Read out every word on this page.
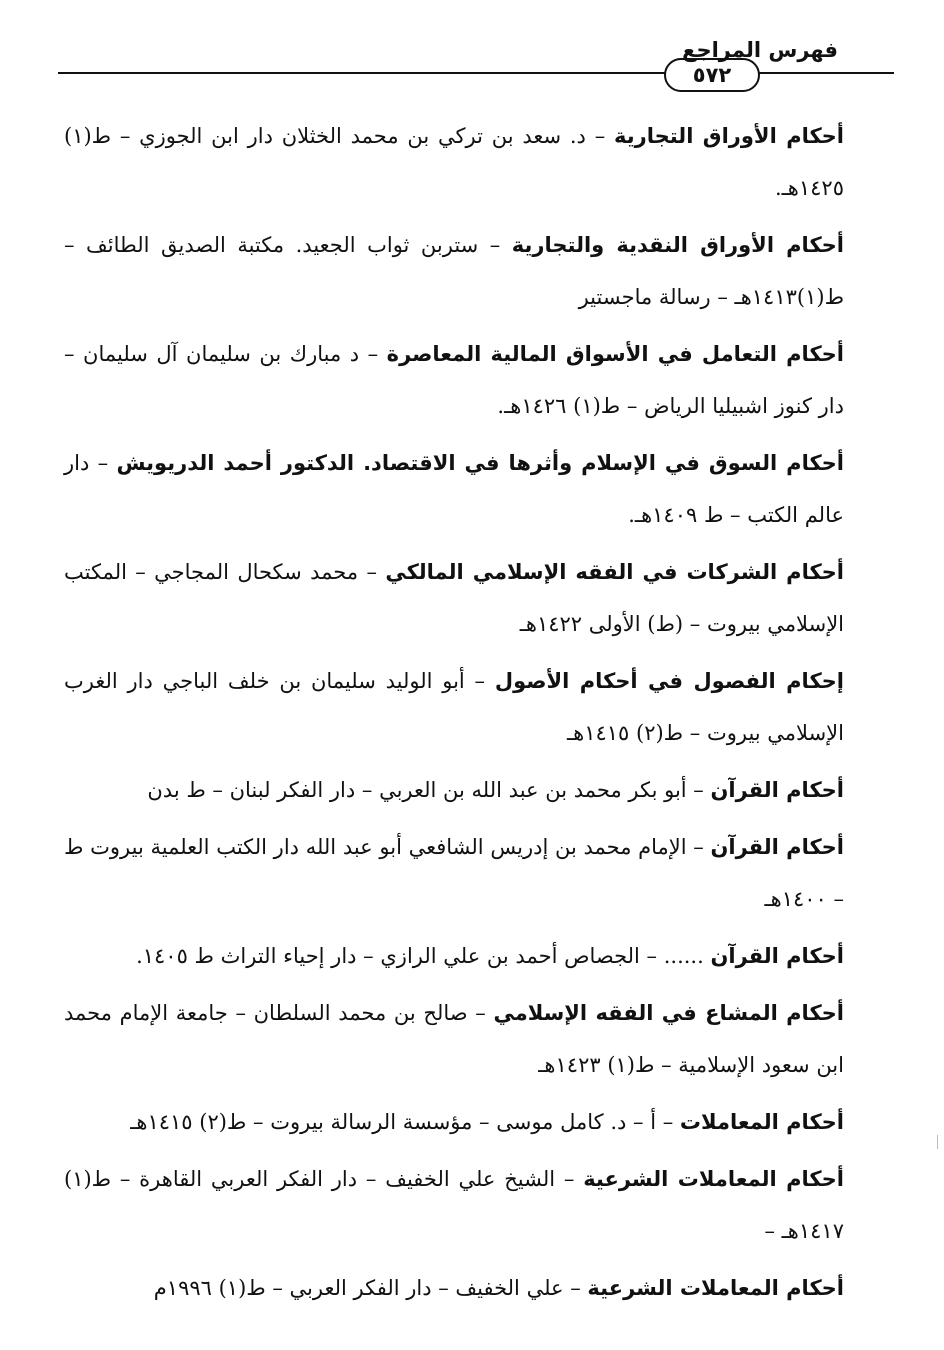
٥٧٢
فهرس المراجع

أحكام الأوراق التجارية – د. سعد بن تركي بن محمد الخثلان دار ابن الجوزي – ط(١) ١٤٢٥هـ.

أحكام الأوراق النقدية والتجارية – ستربن ثواب الجعيد. مكتبة الصديق الطائف – ط(١)١٤١٣هـ – رسالة ماجستير

أحكام التعامل في الأسواق المالية المعاصرة – د مبارك بن سليمان آل سليمان – دار كنوز اشبيليا الرياض – ط(١) ١٤٢٦هـ.

أحكام السوق في الإسلام وأثرها في الاقتصاد. الدكتور أحمد الدريويش – دار عالم الكتب – ط ١٤٠٩هـ.

أحكام الشركات في الفقه الإسلامي المالكي – محمد سكحال المجاجي – المكتب الإسلامي بيروت – (ط) الأولى ١٤٢٢هـ

إحكام الفصول في أحكام الأصول – أبو الوليد سليمان بن خلف الباجي دار الغرب الإسلامي بيروت – ط(٢) ١٤١٥هـ

أحكام القرآن – أبو بكر محمد بن عبد الله بن العربي – دار الفكر لبنان – ط بدن

أحكام القرآن – الإمام محمد بن إدريس الشافعي أبو عبد الله دار الكتب العلمية بيروت ط – ١٤٠٠هـ

أحكام القرآن ...... – الجصاص أحمد بن علي الرازي – دار إحياء التراث ط ١٤٠٥.

أحكام المشاع في الفقه الإسلامي – صالح بن محمد السلطان – جامعة الإمام محمد ابن سعود الإسلامية – ط(١) ١٤٢٣هـ

أحكام المعاملات – أ – د. كامل موسى – مؤسسة الرسالة بيروت – ط(٢) ١٤١٥هـ

أحكام المعاملات الشرعية – الشيخ علي الخفيف – دار الفكر العربي القاهرة – ط(١) ١٤١٧هـ –

أحكام المعاملات الشرعية – علي الخفيف – دار الفكر العربي – ط(١) ١٩٩٦م
